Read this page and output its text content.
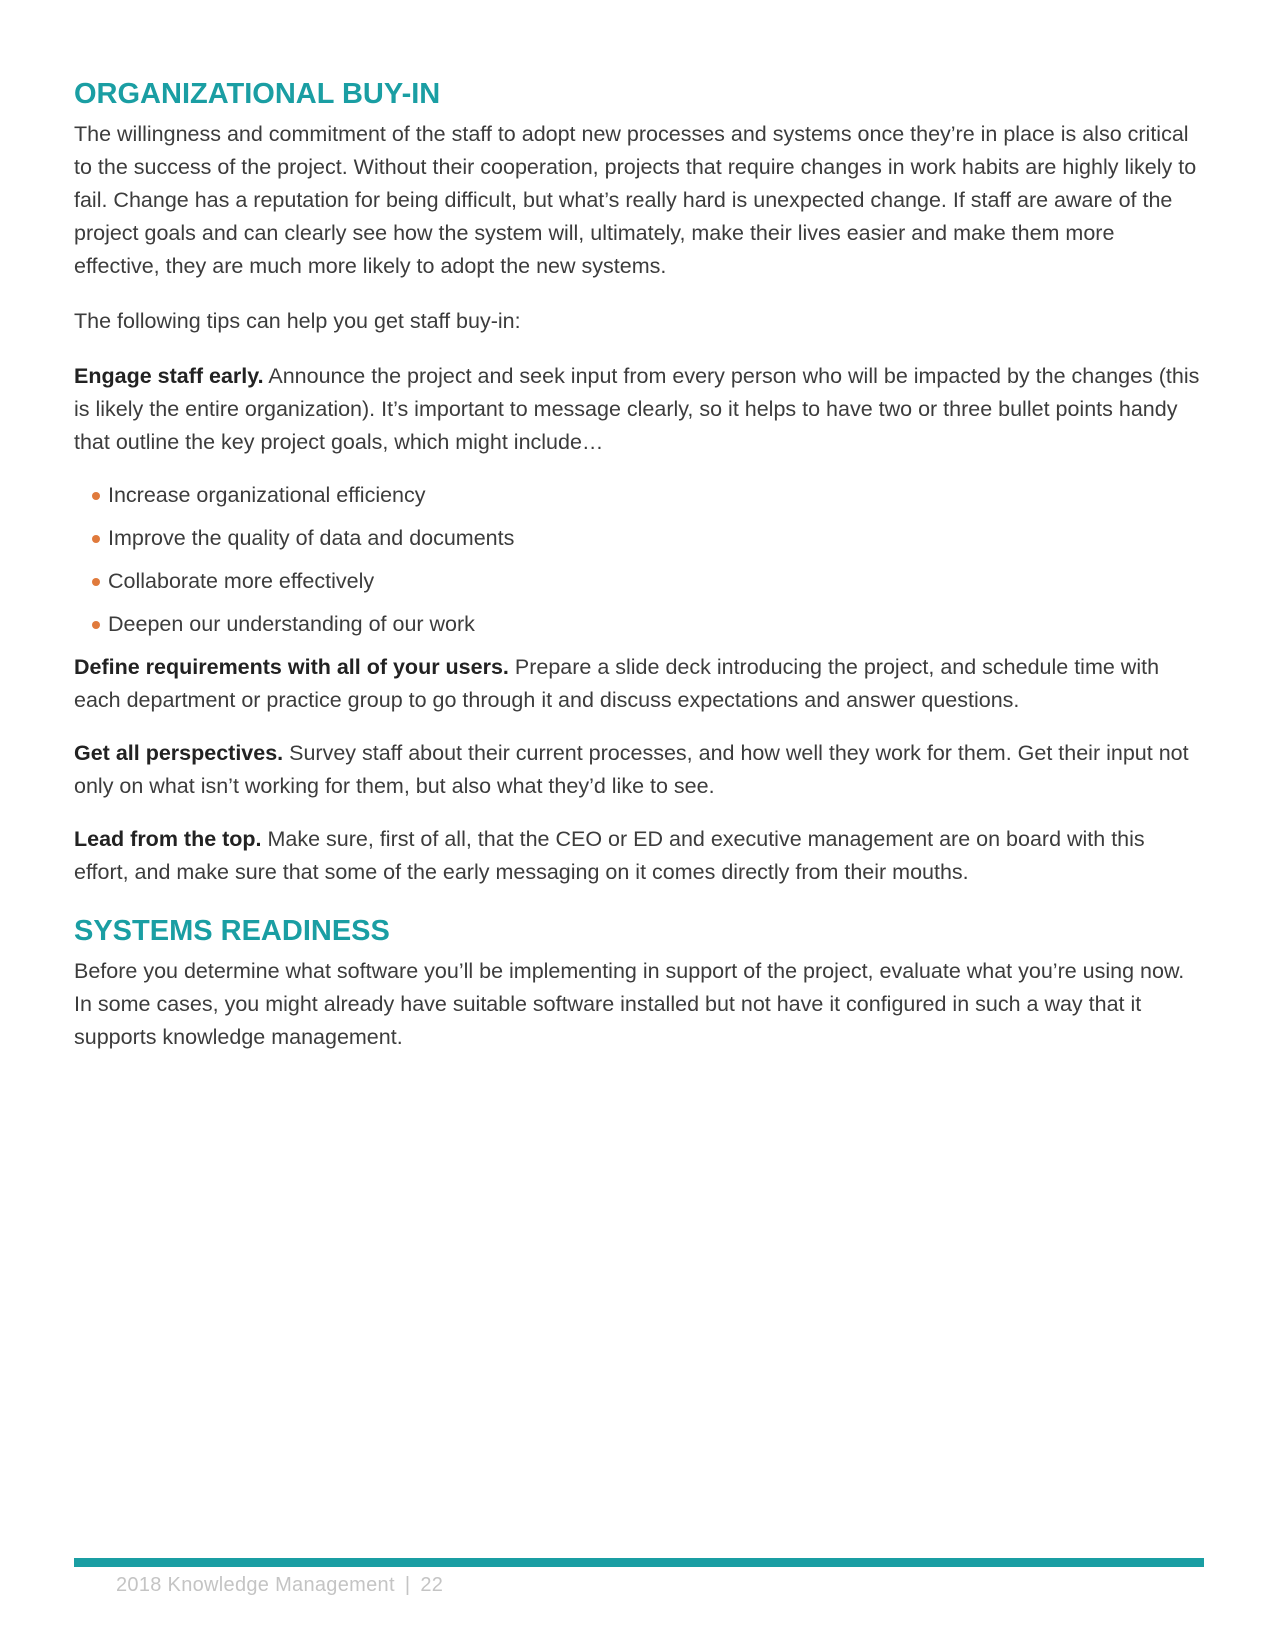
ORGANIZATIONAL BUY-IN

The willingness and commitment of the staff to adopt new processes and systems once they’re in place is also critical to the success of the project. Without their cooperation, projects that require changes in work habits are highly likely to fail. Change has a reputation for being difficult, but what’s really hard is unexpected change. If staff are aware of the project goals and can clearly see how the system will, ultimately, make their lives easier and make them more effective, they are much more likely to adopt the new systems.

The following tips can help you get staff buy-in:

Engage staff early. Announce the project and seek input from every person who will be impacted by the changes (this is likely the entire organization). It’s important to message clearly, so it helps to have two or three bullet points handy that outline the key project goals, which might include…

Increase organizational efficiency
Improve the quality of data and documents
Collaborate more effectively
Deepen our understanding of our work

Define requirements with all of your users. Prepare a slide deck introducing the project, and schedule time with each department or practice group to go through it and discuss expectations and answer questions.

Get all perspectives. Survey staff about their current processes, and how well they work for them. Get their input not only on what isn’t working for them, but also what they’d like to see.

Lead from the top. Make sure, first of all, that the CEO or ED and executive management are on board with this effort, and make sure that some of the early messaging on it comes directly from their mouths.

SYSTEMS READINESS

Before you determine what software you’ll be implementing in support of the project, evaluate what you’re using now. In some cases, you might already have suitable software installed but not have it configured in such a way that it supports knowledge management.

2018 Knowledge Management | 22
